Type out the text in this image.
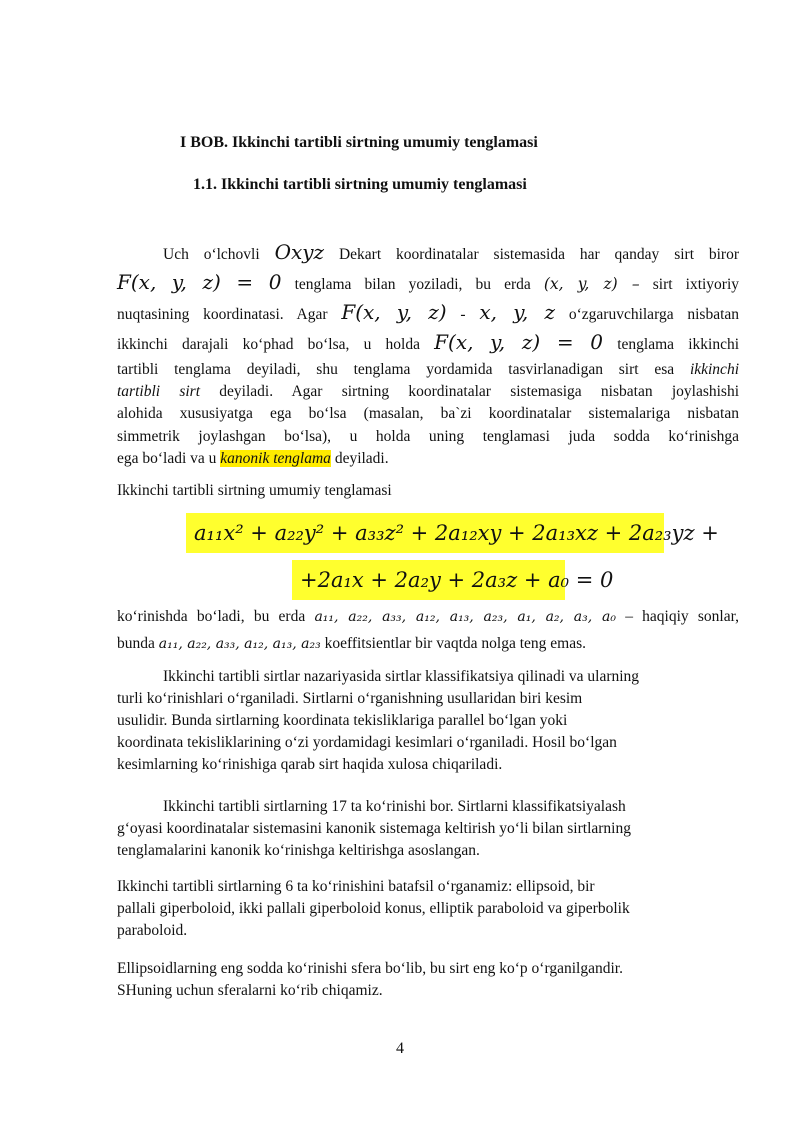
I BOB. Ikkinchi tartibli sirtning umumiy tenglamasi
1.1. Ikkinchi tartibli sirtning umumiy tenglamasi
Uch o‘lchovli Oxyz Dekart koordinatalar sistemasida har qanday sirt biror
F(x, y, z) = 0 tenglama bilan yoziladi, bu erda (x, y, z) – sirt ixtiyoriy
nuqtasining koordinatasi. Agar F(x, y, z) - x, y, z o‘zgaruvchilarga nisbatan
ikkinchi darajali ko‘phad bo‘lsa, u holda F(x, y, z) = 0 tenglama ikkinchi
tartibli tenglama deyiladi, shu tenglama yordamida tasvirlanadigan sirt esa ikkinchi
tartibli sirt deyiladi. Agar sirtning koordinatalar sistemasiga nisbatan joylashishi
alohida xususiyatga ega bo‘lsa (masalan, ba`zi koordinatalar sistemalariga nisbatan
simmetrik joylashgan bo‘lsa), u holda uning tenglamasi juda sodda ko‘rinishga
ega bo‘ladi va u kanonik tenglama deyiladi.
Ikkinchi tartibli sirtning umumiy tenglamasi
a₁₁x² + a₂₂y² + a₃₃z² + 2a₁₂xy + 2a₁₃xz + 2a₂₃yz +
+2a₁x + 2a₂y + 2a₃z + a₀ = 0
ko‘rinishda bo‘ladi, bu erda a₁₁, a₂₂, a₃₃, a₁₂, a₁₃, a₂₃, a₁, a₂, a₃, a₀ – haqiqiy sonlar,
bunda a₁₁, a₂₂, a₃₃, a₁₂, a₁₃, a₂₃ koeffitsientlar bir vaqtda nolga teng emas.
Ikkinchi tartibli sirtlar nazariyasida sirtlar klassifikatsiya qilinadi va ularning
turli ko‘rinishlari o‘rganiladi. Sirtlarni o‘rganishning usullaridan biri kesim
usulidir. Bunda sirtlarning koordinata tekisliklariga parallel bo‘lgan yoki
koordinata tekisliklarining o‘zi yordamidagi kesimlari o‘rganiladi. Hosil bo‘lgan
kesimlarning ko‘rinishiga qarab sirt haqida xulosa chiqariladi.
Ikkinchi tartibli sirtlarning 17 ta ko‘rinishi bor. Sirtlarni klassifikatsiyalash
g‘oyasi koordinatalar sistemasini kanonik sistemaga keltirish yo‘li bilan sirtlarning
tenglamalarini kanonik ko‘rinishga keltirishga asoslangan.
Ikkinchi tartibli sirtlarning 6 ta ko‘rinishini batafsil o‘rganamiz: ellipsoid, bir
pallali giperboloid, ikki pallali giperboloid konus, elliptik paraboloid va giperbolik
paraboloid.
Ellipsoidlarning eng sodda ko‘rinishi sfera bo‘lib, bu sirt eng ko‘p o‘rganilgandir.
SHuning uchun sferalarni ko‘rib chiqamiz.
4
